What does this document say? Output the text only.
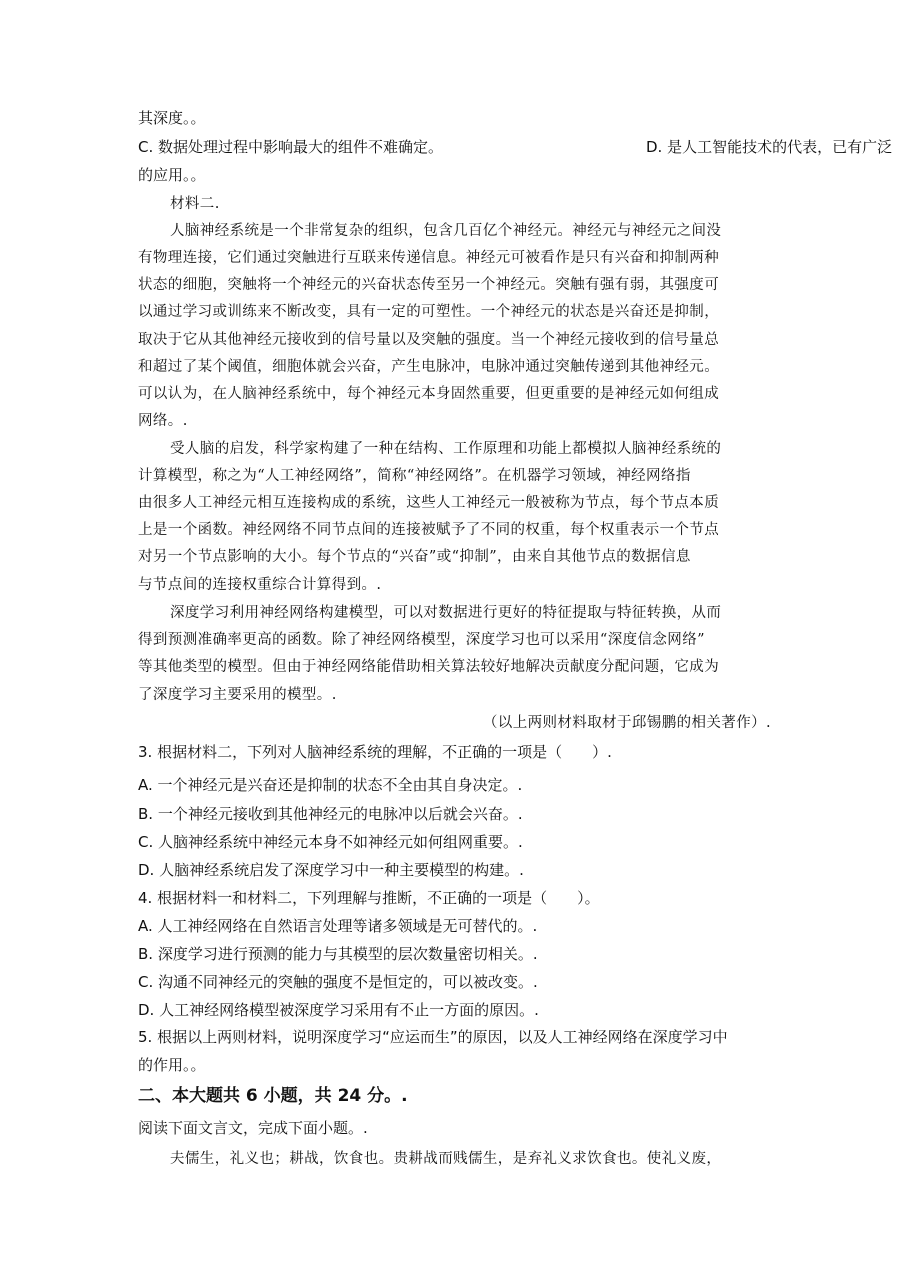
其深度。。
C. 数据处理过程中影响最大的组件不难确定。	D. 是人工智能技术的代表，已有广泛
的应用。。
材料二.
人脑神经系统是一个非常复杂的组织，包含几百亿个神经元。神经元与神经元之间没
有物理连接，它们通过突触进行互联来传递信息。神经元可被看作是只有兴奋和抑制两种
状态的细胞，突触将一个神经元的兴奋状态传至另一个神经元。突触有强有弱，其强度可
以通过学习或训练来不断改变，具有一定的可塑性。一个神经元的状态是兴奋还是抑制，
取决于它从其他神经元接收到的信号量以及突触的强度。当一个神经元接收到的信号量总
和超过了某个阈值，细胞体就会兴奋，产生电脉冲，电脉冲通过突触传递到其他神经元。
可以认为，在人脑神经系统中，每个神经元本身固然重要，但更重要的是神经元如何组成
网络。.
受人脑的启发，科学家构建了一种在结构、工作原理和功能上都模拟人脑神经系统的
计算模型，称之为“人工神经网络”，简称“神经网络”。在机器学习领域，神经网络指
由很多人工神经元相互连接构成的系统，这些人工神经元一般被称为节点，每个节点本质
上是一个函数。神经网络不同节点间的连接被赋予了不同的权重，每个权重表示一个节点
对另一个节点影响的大小。每个节点的“兴奋”或“抑制”，由来自其他节点的数据信息
与节点间的连接权重综合计算得到。.
深度学习利用神经网络构建模型，可以对数据进行更好的特征提取与特征转换，从而
得到预测准确率更高的函数。除了神经网络模型，深度学习也可以采用“深度信念网络”
等其他类型的模型。但由于神经网络能借助相关算法较好地解决贡献度分配问题，它成为
了深度学习主要采用的模型。.
（以上两则材料取材于邱锡鹏的相关著作）.
3. 根据材料二，下列对人脑神经系统的理解，不正确的一项是（　　）.
A. 一个神经元是兴奋还是抑制的状态不全由其自身决定。.
B. 一个神经元接收到其他神经元的电脉冲以后就会兴奋。.
C. 人脑神经系统中神经元本身不如神经元如何组网重要。.
D. 人脑神经系统启发了深度学习中一种主要模型的构建。.
4. 根据材料一和材料二，下列理解与推断，不正确的一项是（　　）。
A. 人工神经网络在自然语言处理等诸多领域是无可替代的。.
B. 深度学习进行预测的能力与其模型的层次数量密切相关。.
C. 沟通不同神经元的突触的强度不是恒定的，可以被改变。.
D. 人工神经网络模型被深度学习采用有不止一方面的原因。.
5. 根据以上两则材料，说明深度学习“应运而生”的原因，以及人工神经网络在深度学习中
的作用。。
二、本大题共 6 小题，共 24 分。.
阅读下面文言文，完成下面小题。.
夫儒生，礼义也；耕战，饮食也。贵耕战而贱儒生，是弃礼义求饮食也。使礼义废，
